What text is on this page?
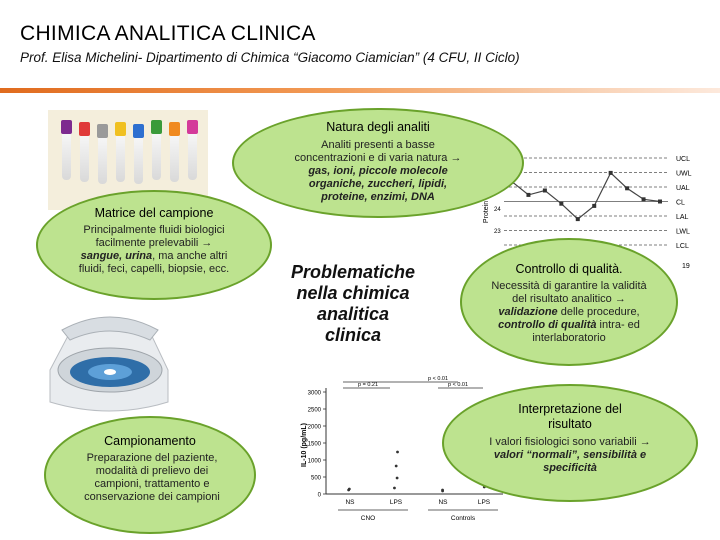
CHIMICA ANALITICA CLINICA
Prof. Elisa Michelini- Dipartimento di Chimica “Giacomo Ciamician” (4 CFU, II Ciclo)
Protein 24
23
UCL
UWL
UAL
CL
LAL
LWL
LCL
19
IL-10 (pg/mL)
0
500
1000
1500
2000
2500
3000
p < 0.01
p = 0.21	p < 0.01
NS	LPS	NS	LPS
CNO	Controls
Natura degli analiti
Analiti presenti a basse
concentrazioni e di varia natura →
gas, ioni, piccole molecole
organiche, zuccheri, lipidi,
proteine, enzimi, DNA
Matrice del campione
Principalmente fluidi biologici
facilmente prelevabili →
sangue, urina, ma anche altri
fluidi, feci, capelli, biopsie, ecc.	Problematiche
nella chimica
analitica
clinica
Controllo di qualità.
Necessità di garantire la validità
del risultato analitico →
validazione delle procedure,
controllo di qualità intra- ed
interlaboratorio
Interpretazione del
risultato
I valori fisiologici sono variabili →
valori “normali”, sensibilità e
specificità
Campionamento
Preparazione del paziente,
modalità di prelievo dei
campioni, trattamento e
conservazione dei campioni
